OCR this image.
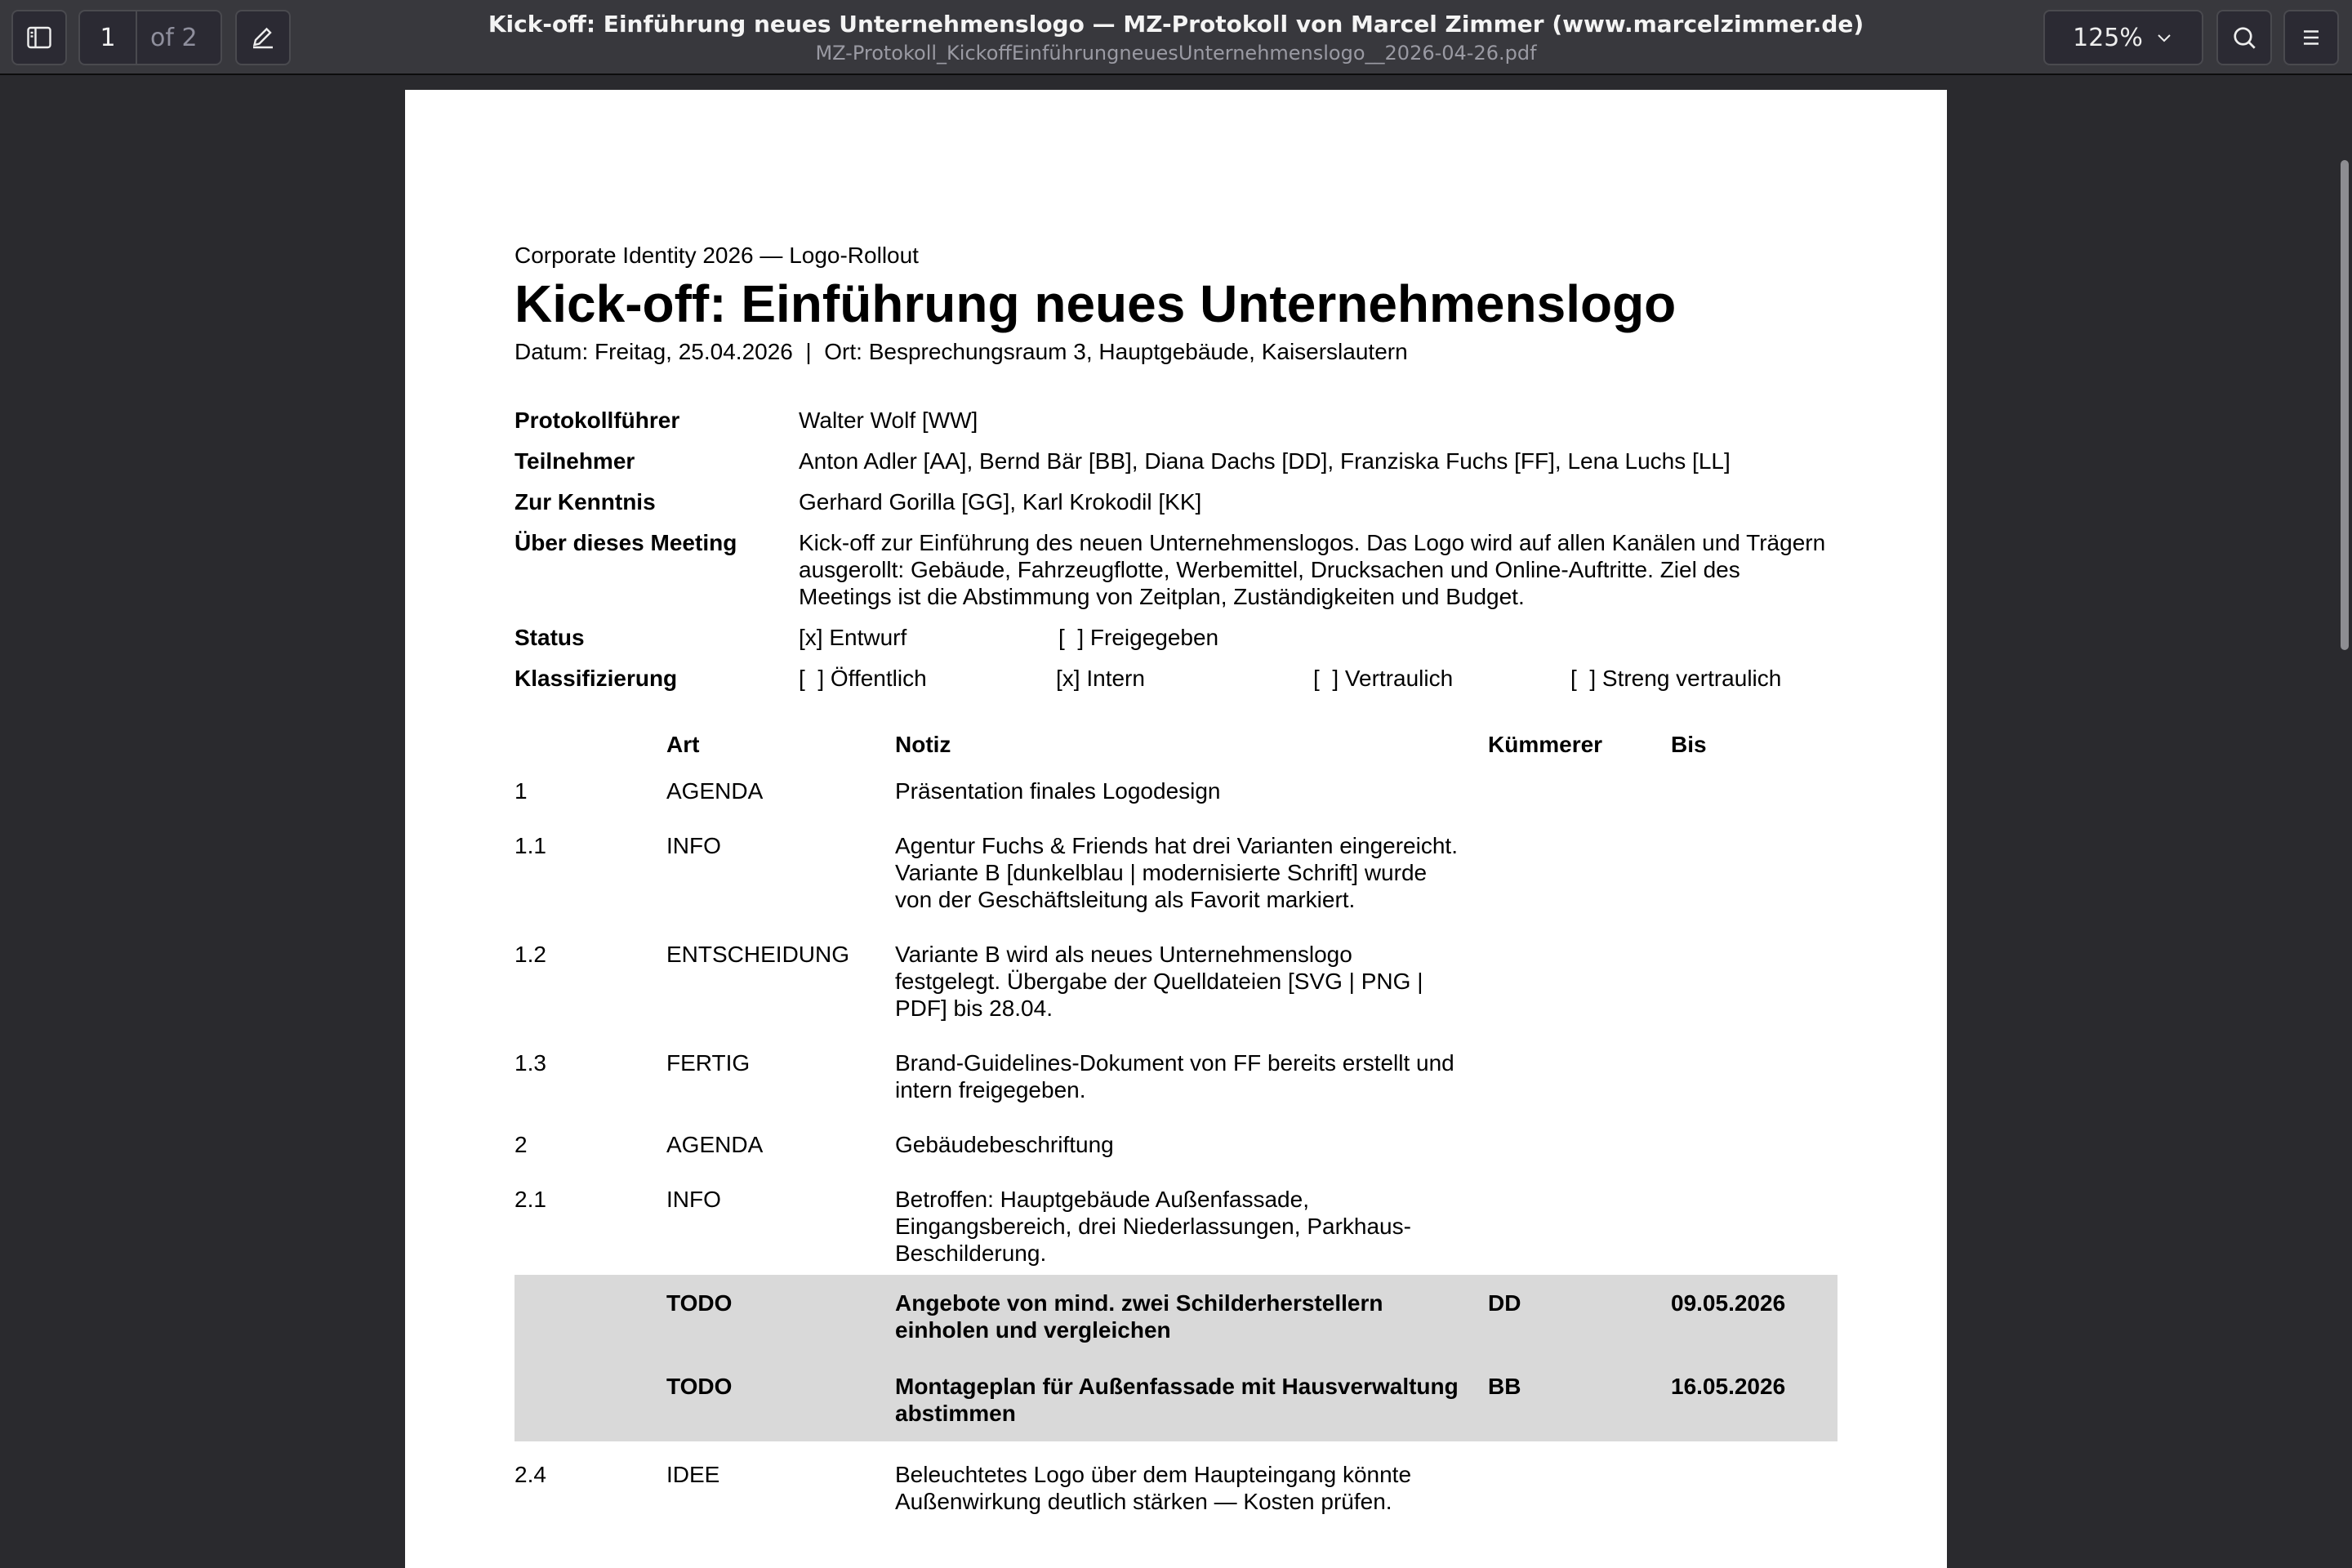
1	of 2	Kick-off: Einführung neues Unternehmenslogo — MZ-Protokoll von Marcel Zimmer (www.marcelzimmer.de)
MZ-Protokoll_KickoffEinführungneuesUnternehmenslogo__2026-04-26.pdf
125%
Corporate Identity 2026 — Logo-Rollout
Kick-off: Einführung neues Unternehmenslogo
Datum: Freitag, 25.04.2026  |  Ort: Besprechungsraum 3, Hauptgebäude, Kaiserslautern
Protokollführer	Walter Wolf [WW]
Teilnehmer	Anton Adler [AA], Bernd Bär [BB], Diana Dachs [DD], Franziska Fuchs [FF], Lena Luchs [LL]
Zur Kenntnis	Gerhard Gorilla [GG], Karl Krokodil [KK]
Über dieses Meeting	Kick-off zur Einführung des neuen Unternehmenslogos. Das Logo wird auf allen Kanälen und Trägern ausgerollt: Gebäude, Fahrzeugflotte, Werbemittel, Drucksachen und Online-Auftritte. Ziel des Meetings ist die Abstimmung von Zeitplan, Zuständigkeiten und Budget.
Status	[x] Entwurf	[  ] Freigegeben
Klassifizierung	[  ] Öffentlich	[x] Intern	[  ] Vertraulich	[  ] Streng vertraulich
	Art	Notiz	Kümmerer	Bis
1	AGENDA	Präsentation finales Logodesign		
1.1	INFO	Agentur Fuchs & Friends hat drei Varianten eingereicht. Variante B [dunkelblau | modernisierte Schrift] wurde von der Geschäftsleitung als Favorit markiert.		
1.2	ENTSCHEIDUNG	Variante B wird als neues Unternehmenslogo festgelegt. Übergabe der Quelldateien [SVG | PNG | PDF] bis 28.04.		
1.3	FERTIG	Brand-Guidelines-Dokument von FF bereits erstellt und intern freigegeben.		
2	AGENDA	Gebäudebeschriftung		
2.1	INFO	Betroffen: Hauptgebäude Außenfassade, Eingangsbereich, drei Niederlassungen, Parkhaus-Beschilderung.		
	TODO	Angebote von mind. zwei Schilderherstellern einholen und vergleichen	DD	09.05.2026
	TODO	Montageplan für Außenfassade mit Hausverwaltung abstimmen	BB	16.05.2026
2.4	IDEE	Beleuchtetes Logo über dem Haupteingang könnte Außenwirkung deutlich stärken — Kosten prüfen.		
